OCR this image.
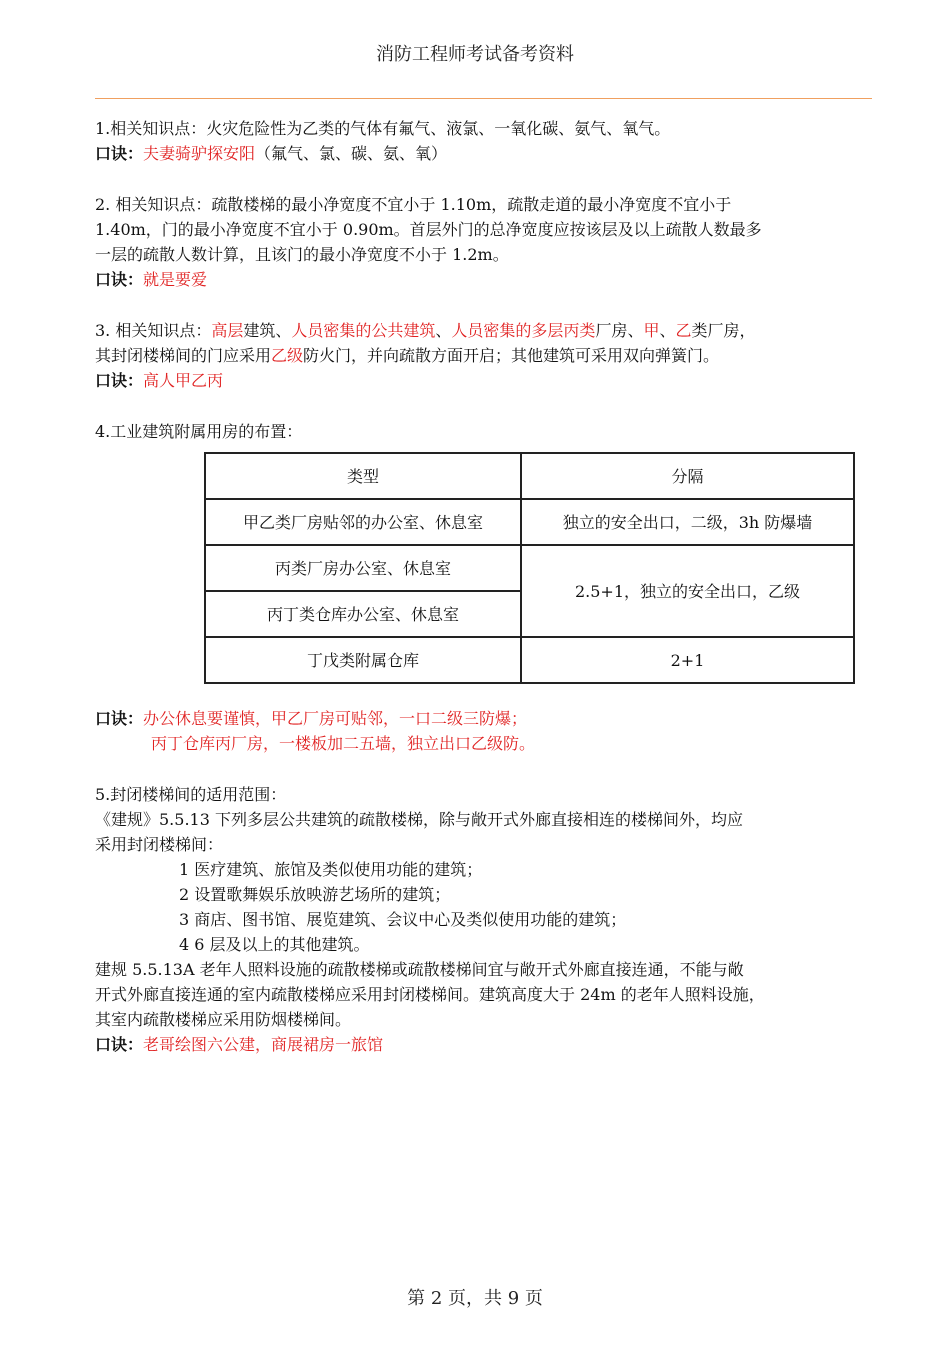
消防工程师考试备考资料

1.相关知识点：火灾危险性为乙类的气体有氟气、液氯、一氧化碳、氨气、氧气。

口诀：夫妻骑驴探安阳（氟气、氯、碳、氨、氧）

2. 相关知识点：疏散楼梯的最小净宽度不宜小于 1.10m，疏散走道的最小净宽度不宜小于

1.40m，门的最小净宽度不宜小于 0.90m。首层外门的总净宽度应按该层及以上疏散人数最多

一层的疏散人数计算，且该门的最小净宽度不小于 1.2m。

口诀：就是要爱

3. 相关知识点：高层建筑、人员密集的公共建筑、人员密集的多层丙类厂房、甲、乙类厂房，

其封闭楼梯间的门应采用乙级防火门，并向疏散方面开启；其他建筑可采用双向弹簧门。

口诀：高人甲乙丙

4.工业建筑附属用房的布置：

类型	分隔
甲乙类厂房贴邻的办公室、休息室	独立的安全出口，二级，3h 防爆墙
丙类厂房办公室、休息室	2.5+1，独立的安全出口，乙级
丙丁类仓库办公室、休息室	
丁戊类附属仓库	2+1

口诀：办公休息要谨慎，甲乙厂房可贴邻，一口二级三防爆；

丙丁仓库丙厂房，一楼板加二五墙，独立出口乙级防。

5.封闭楼梯间的适用范围：

《建规》5.5.13 下列多层公共建筑的疏散楼梯，除与敞开式外廊直接相连的楼梯间外，均应

采用封闭楼梯间：

1 医疗建筑、旅馆及类似使用功能的建筑；

2 设置歌舞娱乐放映游艺场所的建筑；

3 商店、图书馆、展览建筑、会议中心及类似使用功能的建筑；

4 6 层及以上的其他建筑。

建规 5.5.13A 老年人照料设施的疏散楼梯或疏散楼梯间宜与敞开式外廊直接连通，不能与敞

开式外廊直接连通的室内疏散楼梯应采用封闭楼梯间。建筑高度大于 24m 的老年人照料设施，

其室内疏散楼梯应采用防烟楼梯间。

口诀：老哥绘图六公建，商展裙房一旅馆

第 2 页，共 9 页
